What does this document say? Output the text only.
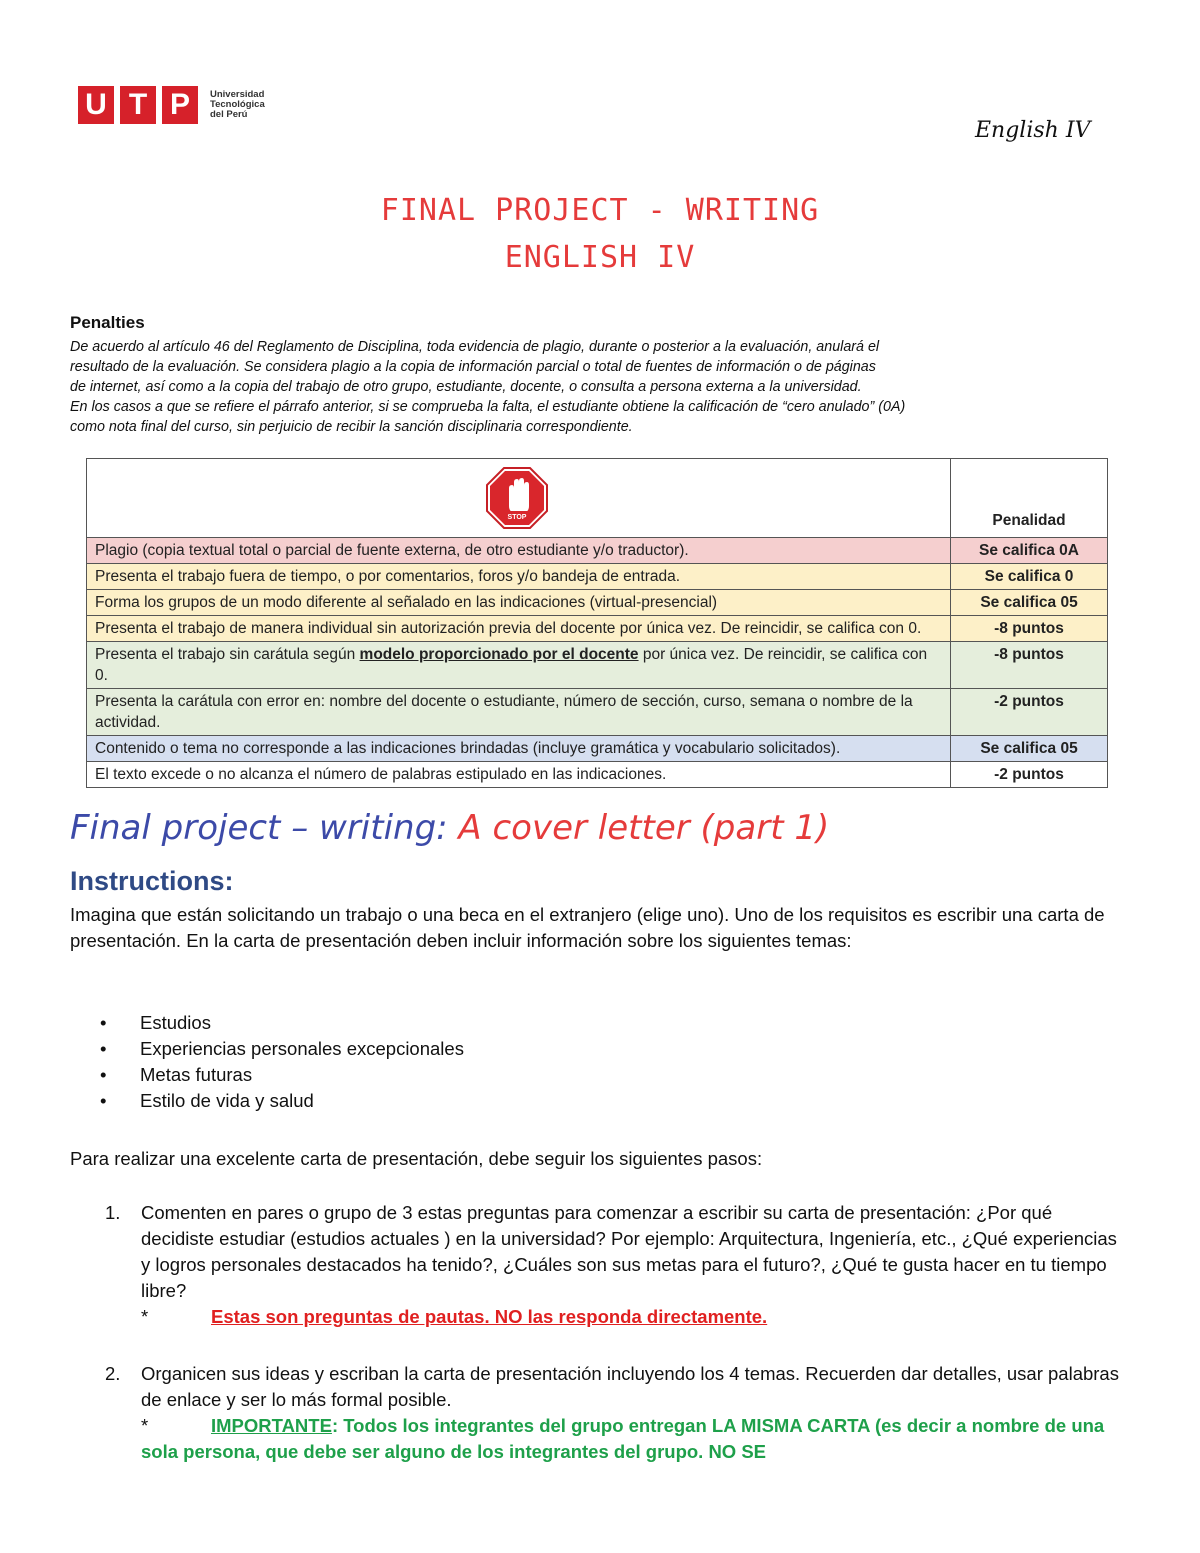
U T P	Universidad
Tecnológica
del Perú
English IV
FINAL PROJECT - WRITING
ENGLISH IV
Penalties
De acuerdo al artículo 46 del Reglamento de Disciplina, toda evidencia de plagio, durante o posterior a la evaluación, anulará el
resultado de la evaluación. Se considera plagio a la copia de información parcial o total de fuentes de información o de páginas
de internet, así como a la copia del trabajo de otro grupo, estudiante, docente, o consulta a persona externa a la universidad.
En los casos a que se refiere el párrafo anterior, si se comprueba la falta, el estudiante obtiene la calificación de “cero anulado” (0A)
como nota final del curso, sin perjuicio de recibir la sanción disciplinaria correspondiente.
STOP	Penalidad
Plagio (copia textual total o parcial de fuente externa, de otro estudiante y/o traductor).	Se califica 0A
Presenta el trabajo fuera de tiempo, o por comentarios, foros y/o bandeja de entrada.	Se califica 0
Forma los grupos de un modo diferente al señalado en las indicaciones (virtual-presencial)	Se califica 05
Presenta el trabajo de manera individual sin autorización previa del docente por única vez. De reincidir, se califica con 0.	-8 puntos
Presenta el trabajo sin carátula según modelo proporcionado por el docente por única vez. De reincidir, se califica con 0.	-8 puntos
Presenta la carátula con error en: nombre del docente o estudiante, número de sección, curso, semana o nombre de la actividad.	-2 puntos
Contenido o tema no corresponde a las indicaciones brindadas (incluye gramática y vocabulario solicitados).	Se califica 05
El texto excede o no alcanza el número de palabras estipulado en las indicaciones.	-2 puntos
Final project – writing: A cover letter (part 1)
Instructions:
Imagina que están solicitando un trabajo o una beca en el extranjero (elige uno). Uno de los requisitos es escribir una carta de presentación. En la carta de presentación deben incluir información sobre los siguientes temas:
• Estudios
• Experiencias personales excepcionales
• Metas futuras
• Estilo de vida y salud
Para realizar una excelente carta de presentación, debe seguir los siguientes pasos:
1. Comenten en pares o grupo de 3 estas preguntas para comenzar a escribir su carta de presentación: ¿Por qué decidiste estudiar (estudios actuales ) en la universidad? Por ejemplo: Arquitectura, Ingeniería, etc., ¿Qué experiencias y logros personales destacados ha tenido?, ¿Cuáles son sus metas para el futuro?, ¿Qué te gusta hacer en tu tiempo libre?
*	Estas son preguntas de pautas. NO las responda directamente.
2. Organicen sus ideas y escriban la carta de presentación incluyendo los 4 temas. Recuerden dar detalles, usar palabras de enlace y ser lo más formal posible.
*	IMPORTANTE: Todos los integrantes del grupo entregan LA MISMA CARTA (es decir a nombre de una sola persona, que debe ser alguno de los integrantes del grupo. NO SE
